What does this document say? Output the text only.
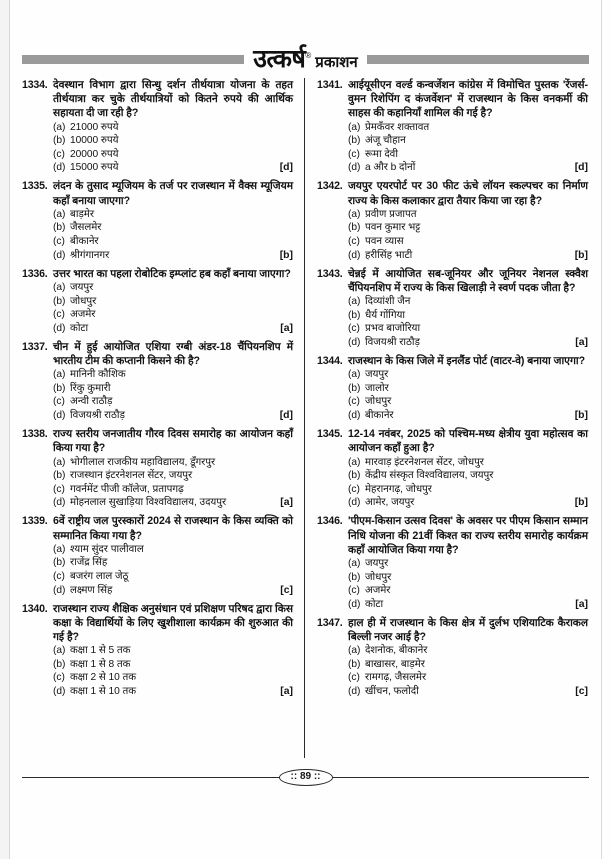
उत्कर्ष ® प्रकाशन
1334. देवस्थान विभाग द्वारा सिन्धु दर्शन तीर्थयात्रा योजना के तहत तीर्थयात्रा कर चुके तीर्थयात्रियों को कितने रुपये की आर्थिक सहायता दी जा रही है?
(a) 21000 रुपये
(b) 10000 रुपये
(c) 20000 रुपये
(d) 15000 रुपये	[d]
1335. लंदन के तुसाद म्यूजियम के तर्ज पर राजस्थान में वैक्स म्यूजियम कहाँ बनाया जाएगा?
(a) बाड़मेर
(b) जैसलमेर
(c) बीकानेर
(d) श्रीगंगानगर	[b]
1336. उत्तर भारत का पहला रोबोटिक इम्प्लांट हब कहाँ बनाया जाएगा?
(a) जयपुर
(b) जोधपुर
(c) अजमेर
(d) कोटा	[a]
1337. चीन में हुई आयोजित एशिया रग्बी अंडर-18 चैंपियनशिप में भारतीय टीम की कप्तानी किसने की है?
(a) मानिनी कौशिक
(b) रिंकु कुमारी
(c) अन्वी राठौड़
(d) विजयश्री राठौड़	[d]
1338. राज्य स्तरीय जनजातीय गौरव दिवस समारोह का आयोजन कहाँ किया गया है?
(a) भोगीलाल राजकीय महाविद्यालय, डूँगरपुर
(b) राजस्थान इंटरनेशनल सेंटर, जयपुर
(c) गवर्नमेंट पीजी कॉलेज, प्रतापगढ़
(d) मोहनलाल सुखाड़िया विश्वविद्यालय, उदयपुर	[a]
1339. 6वें राष्ट्रीय जल पुरस्कारों 2024 से राजस्थान के किस व्यक्ति को सम्मानित किया गया है?
(a) श्याम सुंदर पालीवाल
(b) राजेंद्र सिंह
(c) बजरंग लाल जेठू
(d) लक्ष्मण सिंह	[c]
1340. राजस्थान राज्य शैक्षिक अनुसंधान एवं प्रशिक्षण परिषद द्वारा किस कक्षा के विद्यार्थियों के लिए खुशीशाला कार्यक्रम की शुरुआत की गई है?
(a) कक्षा 1 से 5 तक
(b) कक्षा 1 से 8 तक
(c) कक्षा 2 से 10 तक
(d) कक्षा 1 से 10 तक	[a]
1341. आईयूसीएन वर्ल्ड कन्वर्जेशन कांग्रेस में विमोचित पुस्तक 'रेंजर्स- वुमन रिशेपिंग द कंजर्वेशन' में राजस्थान के किस वनकर्मी की साहस की कहानियाँ शामिल की गई है?
(a) प्रेमकँवर शक्तावत
(b) अंजू चौहान
(c) रूमा देवी
(d) a और b दोनों	[d]
1342. जयपुर एयरपोर्ट पर 30 फीट ऊंचे लॉयन स्कल्पचर का निर्माण राज्य के किस कलाकार द्वारा तैयार किया जा रहा है?
(a) प्रवीण प्रजापत
(b) पवन कुमार भट्ट
(c) पवन व्यास
(d) हरीसिंह भाटी	[b]
1343. चेन्नई में आयोजित सब-जूनियर और जूनियर नेशनल स्क्वैश चैंपियनशिप में राज्य के किस खिलाड़ी ने स्वर्ण पदक जीता है?
(a) दिव्यांशी जैन
(b) धैर्य गोंगिया
(c) प्रभव बाजोरिया
(d) विजयश्री राठौड़	[a]
1344. राजस्थान के किस जिले में इनलैंड पोर्ट (वाटर-वे) बनाया जाएगा?
(a) जयपुर
(b) जालोर
(c) जोधपुर
(d) बीकानेर	[b]
1345. 12-14 नवंबर, 2025 को पश्चिम-मध्य क्षेत्रीय युवा महोत्सव का आयोजन कहाँ हुआ है?
(a) मारवाड़ इंटरनेशनल सेंटर, जोधपुर
(b) केंद्रीय संस्कृत विश्वविद्यालय, जयपुर
(c) मेहरानगढ़, जोधपुर
(d) आमेर, जयपुर	[b]
1346. 'पीएम-किसान उत्सव दिवस' के अवसर पर पीएम किसान सम्मान निधि योजना की 21वीं किश्त का राज्य स्तरीय समारोह कार्यक्रम कहाँ आयोजित किया गया है?
(a) जयपुर
(b) जोधपुर
(c) अजमेर
(d) कोटा	[a]
1347. हाल ही में राजस्थान के किस क्षेत्र में दुर्लभ एशियाटिक कैराकल बिल्ली नजर आई है?
(a) देशनोक, बीकानेर
(b) बाखासर, बाड़मेर
(c) रामगढ़, जैसलमेर
(d) खींचन, फलोदी	[c]
:: 89 ::
